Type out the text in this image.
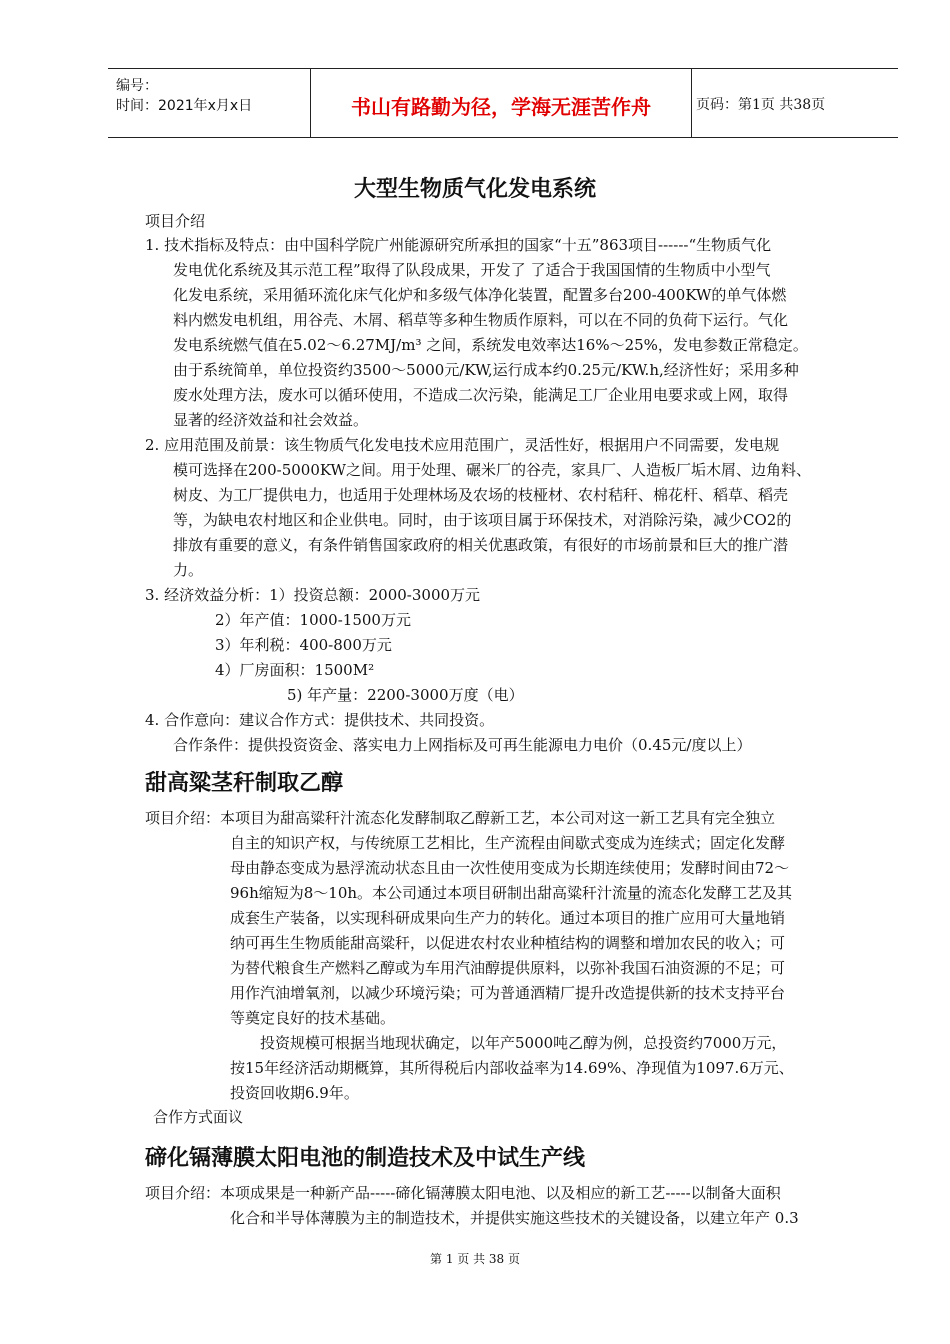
编号：
时间：2021年x月x日	书山有路勤为径，学海无涯苦作舟	页码：第1页 共38页
大型生物质气化发电系统
项目介绍
1. 技术指标及特点：由中国科学院广州能源研究所承担的国家“十五”863项目------“生物质气化
发电优化系统及其示范工程”取得了队段成果，开发了 了适合于我国国情的生物质中小型气
化发电系统，采用循环流化床气化炉和多级气体净化装置，配置多台200-400KW的单气体燃
料内燃发电机组，用谷壳、木屑、稻草等多种生物质作原料，可以在不同的负荷下运行。气化
发电系统燃气值在5.02～6.27MJ/m³ 之间，系统发电效率达16%～25%，发电参数正常稳定。
由于系统简单，单位投资约3500～5000元/KW,运行成本约0.25元/KW.h,经济性好；采用多种
废水处理方法，废水可以循环使用，不造成二次污染，能满足工厂企业用电要求或上网，取得
显著的经济效益和社会效益。
2. 应用范围及前景：该生物质气化发电技术应用范围广，灵活性好，根据用户不同需要，发电规
模可选择在200-5000KW之间。用于处理、碾米厂的谷壳，家具厂、人造板厂垢木屑、边角料、
树皮、为工厂提供电力，也适用于处理林场及农场的枝桠材、农村秸秆、棉花杆、稻草、稻壳
等，为缺电农村地区和企业供电。同时，由于该项目属于环保技术，对消除污染，减少CO2的
排放有重要的意义，有条件销售国家政府的相关优惠政策，有很好的市场前景和巨大的推广潜
力。
3. 经济效益分析：1）投资总额：2000-3000万元
2）年产值：1000-1500万元
3）年利税：400-800万元
4）厂房面积：1500M²
5) 年产量：2200-3000万度（电）
4. 合作意向：建议合作方式：提供技术、共同投资。
合作条件：提供投资资金、落实电力上网指标及可再生能源电力电价（0.45元/度以上）
甜高粱茎秆制取乙醇
项目介绍：本项目为甜高粱秆汁流态化发酵制取乙醇新工艺，本公司对这一新工艺具有完全独立
自主的知识产权，与传统原工艺相比，生产流程由间歇式变成为连续式；固定化发酵
母由静态变成为悬浮流动状态且由一次性使用变成为长期连续使用；发酵时间由72～
96h缩短为8～10h。本公司通过本项目研制出甜高粱秆汁流量的流态化发酵工艺及其
成套生产装备，以实现科研成果向生产力的转化。通过本项目的推广应用可大量地销
纳可再生生物质能甜高粱秆，以促进农村农业种植结构的调整和增加农民的收入；可
为替代粮食生产燃料乙醇或为车用汽油醇提供原料，以弥补我国石油资源的不足；可
用作汽油增氧剂，以减少环境污染；可为普通酒精厂提升改造提供新的技术支持平台
等奠定良好的技术基础。
投资规模可根据当地现状确定，以年产5000吨乙醇为例，总投资约7000万元，
按15年经济活动期概算，其所得税后内部收益率为14.69%、净现值为1097.6万元、
投资回收期6.9年。
合作方式面议
碲化镉薄膜太阳电池的制造技术及中试生产线
项目介绍：本项成果是一种新产品-----碲化镉薄膜太阳电池、以及相应的新工艺-----以制备大面积
化合和半导体薄膜为主的制造技术，并提供实施这些技术的关键设备，以建立年产 0.3
第 1 页 共 38 页
